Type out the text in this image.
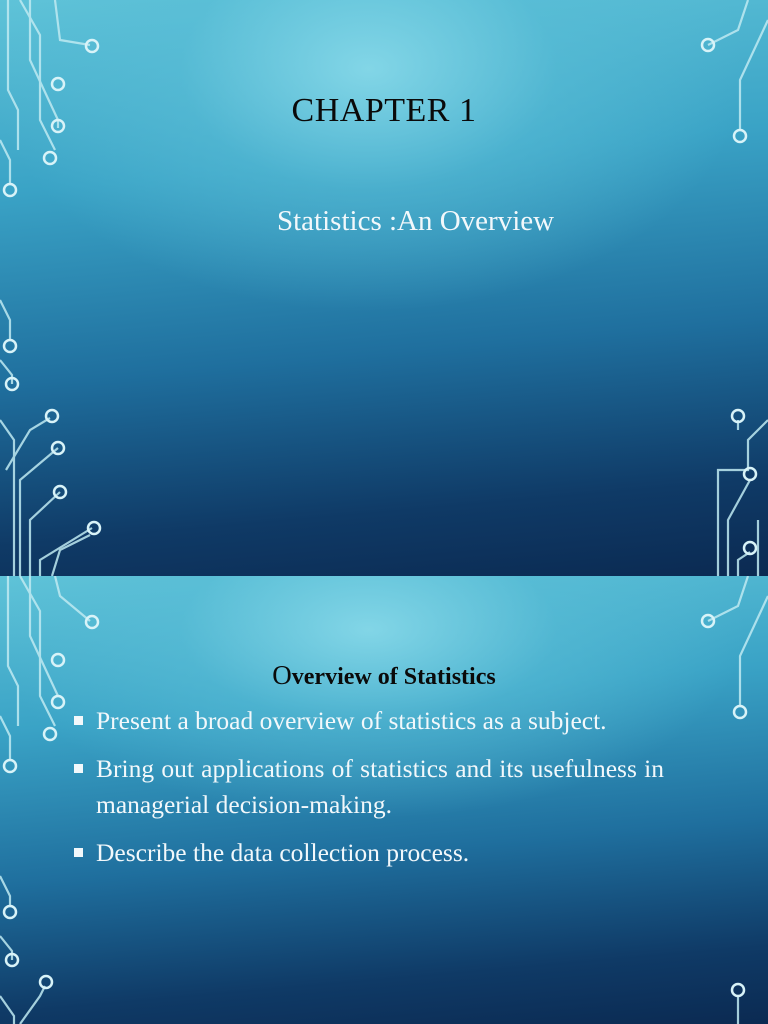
CHAPTER 1
Statistics :An Overview
Overview of Statistics
Present a broad overview of statistics as a subject.
Bring out applications of statistics and its usefulness in managerial decision-making.
Describe the data collection process.
